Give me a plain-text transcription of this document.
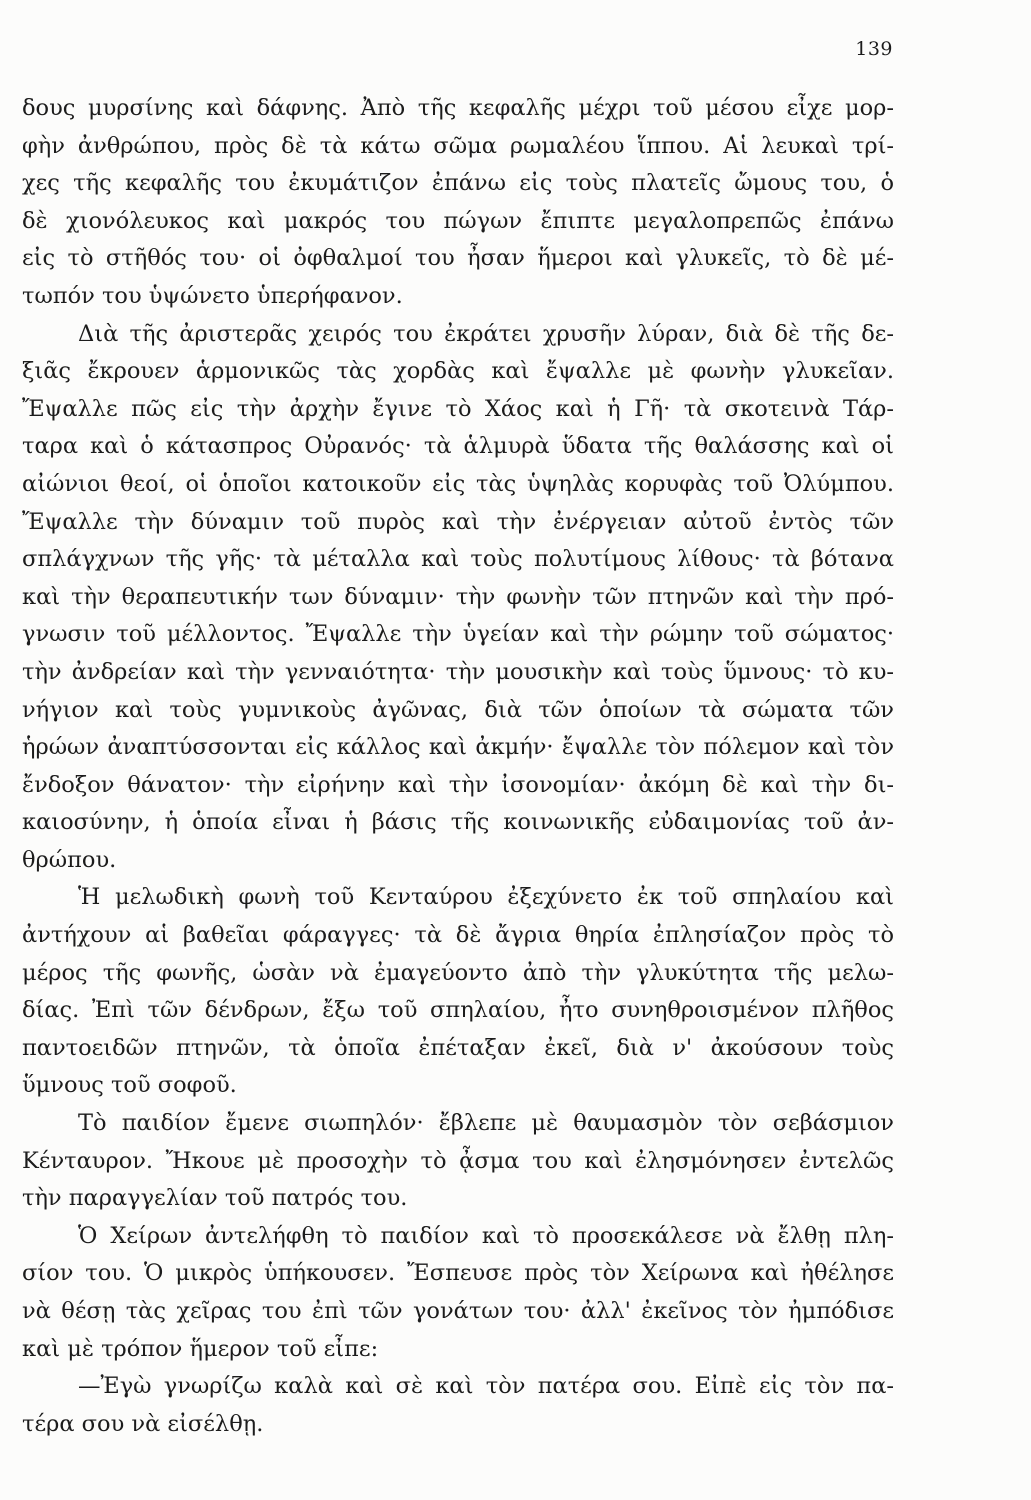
139
δους μυρσίνης καὶ δάφνης. Ἀπὸ τῆς κεφαλῆς μέχρι τοῦ μέσου εἶχε μορ-
φὴν ἀνθρώπου, πρὸς δὲ τὰ κάτω σῶμα ρωμαλέου ἵππου. Αἱ λευκαὶ τρί-
χες τῆς κεφαλῆς του ἐκυμάτιζον ἐπάνω εἰς τοὺς πλατεῖς ὤμους του, ὁ
δὲ χιονόλευκος καὶ μακρός του πώγων ἔπιπτε μεγαλοπρεπῶς ἐπάνω
εἰς τὸ στῆθός του· οἱ ὀφθαλμοί του ἦσαν ἥμεροι καὶ γλυκεῖς, τὸ δὲ μέ-
τωπόν του ὑψώνετο ὑπερήφανον.
Διὰ τῆς ἀριστερᾶς χειρός του ἐκράτει χρυσῆν λύραν, διὰ δὲ τῆς δε-
ξιᾶς ἔκρουεν ἁρμονικῶς τὰς χορδὰς καὶ ἔψαλλε μὲ φωνὴν γλυκεῖαν.
Ἔψαλλε πῶς εἰς τὴν ἀρχὴν ἔγινε τὸ Χάος καὶ ἡ Γῆ· τὰ σκοτεινὰ Τάρ-
ταρα καὶ ὁ κάτασπρος Οὐρανός· τὰ ἁλμυρὰ ὕδατα τῆς θαλάσσης καὶ οἱ
αἰώνιοι θεοί, οἱ ὁποῖοι κατοικοῦν εἰς τὰς ὑψηλὰς κορυφὰς τοῦ Ὀλύμπου.
Ἔψαλλε τὴν δύναμιν τοῦ πυρὸς καὶ τὴν ἐνέργειαν αὐτοῦ ἐντὸς τῶν
σπλάγχνων τῆς γῆς· τὰ μέταλλα καὶ τοὺς πολυτίμους λίθους· τὰ βότανα
καὶ τὴν θεραπευτικήν των δύναμιν· τὴν φωνὴν τῶν πτηνῶν καὶ τὴν πρό-
γνωσιν τοῦ μέλλοντος. Ἔψαλλε τὴν ὑγείαν καὶ τὴν ρώμην τοῦ σώματος·
τὴν ἀνδρείαν καὶ τὴν γενναιότητα· τὴν μουσικὴν καὶ τοὺς ὕμνους· τὸ κυ-
νήγιον καὶ τοὺς γυμνικοὺς ἀγῶνας, διὰ τῶν ὁποίων τὰ σώματα τῶν
ἡρώων ἀναπτύσσονται εἰς κάλλος καὶ ἀκμήν· ἔψαλλε τὸν πόλεμον καὶ τὸν
ἔνδοξον θάνατον· τὴν εἰρήνην καὶ τὴν ἰσονομίαν· ἀκόμη δὲ καὶ τὴν δι-
καιοσύνην, ἡ ὁποία εἶναι ἡ βάσις τῆς κοινωνικῆς εὐδαιμονίας τοῦ ἀν-
θρώπου.
Ἡ μελωδικὴ φωνὴ τοῦ Κενταύρου ἐξεχύνετο ἐκ τοῦ σπηλαίου καὶ
ἀντήχουν αἱ βαθεῖαι φάραγγες· τὰ δὲ ἄγρια θηρία ἐπλησίαζον πρὸς τὸ
μέρος τῆς φωνῆς, ὡσὰν νὰ ἐμαγεύοντο ἀπὸ τὴν γλυκύτητα τῆς μελω-
δίας. Ἐπὶ τῶν δένδρων, ἔξω τοῦ σπηλαίου, ἦτο συνηθροισμένον πλῆθος
παντοειδῶν πτηνῶν, τὰ ὁποῖα ἐπέταξαν ἐκεῖ, διὰ ν' ἀκούσουν τοὺς
ὕμνους τοῦ σοφοῦ.
Τὸ παιδίον ἔμενε σιωπηλόν· ἔβλεπε μὲ θαυμασμὸν τὸν σεβάσμιον
Κένταυρον. Ἤκουε μὲ προσοχὴν τὸ ᾆσμα του καὶ ἐλησμόνησεν ἐντελῶς
τὴν παραγγελίαν τοῦ πατρός του.
Ὁ Χείρων ἀντελήφθη τὸ παιδίον καὶ τὸ προσεκάλεσε νὰ ἔλθῃ πλη-
σίον του. Ὁ μικρὸς ὑπήκουσεν. Ἔσπευσε πρὸς τὸν Χείρωνα καὶ ἠθέλησε
νὰ θέσῃ τὰς χεῖρας του ἐπὶ τῶν γονάτων του· ἀλλ' ἐκεῖνος τὸν ἠμπόδισε
καὶ μὲ τρόπον ἥμερον τοῦ εἶπε:
—Ἐγὼ γνωρίζω καλὰ καὶ σὲ καὶ τὸν πατέρα σου. Εἰπὲ εἰς τὸν πα-
τέρα σου νὰ εἰσέλθῃ.
